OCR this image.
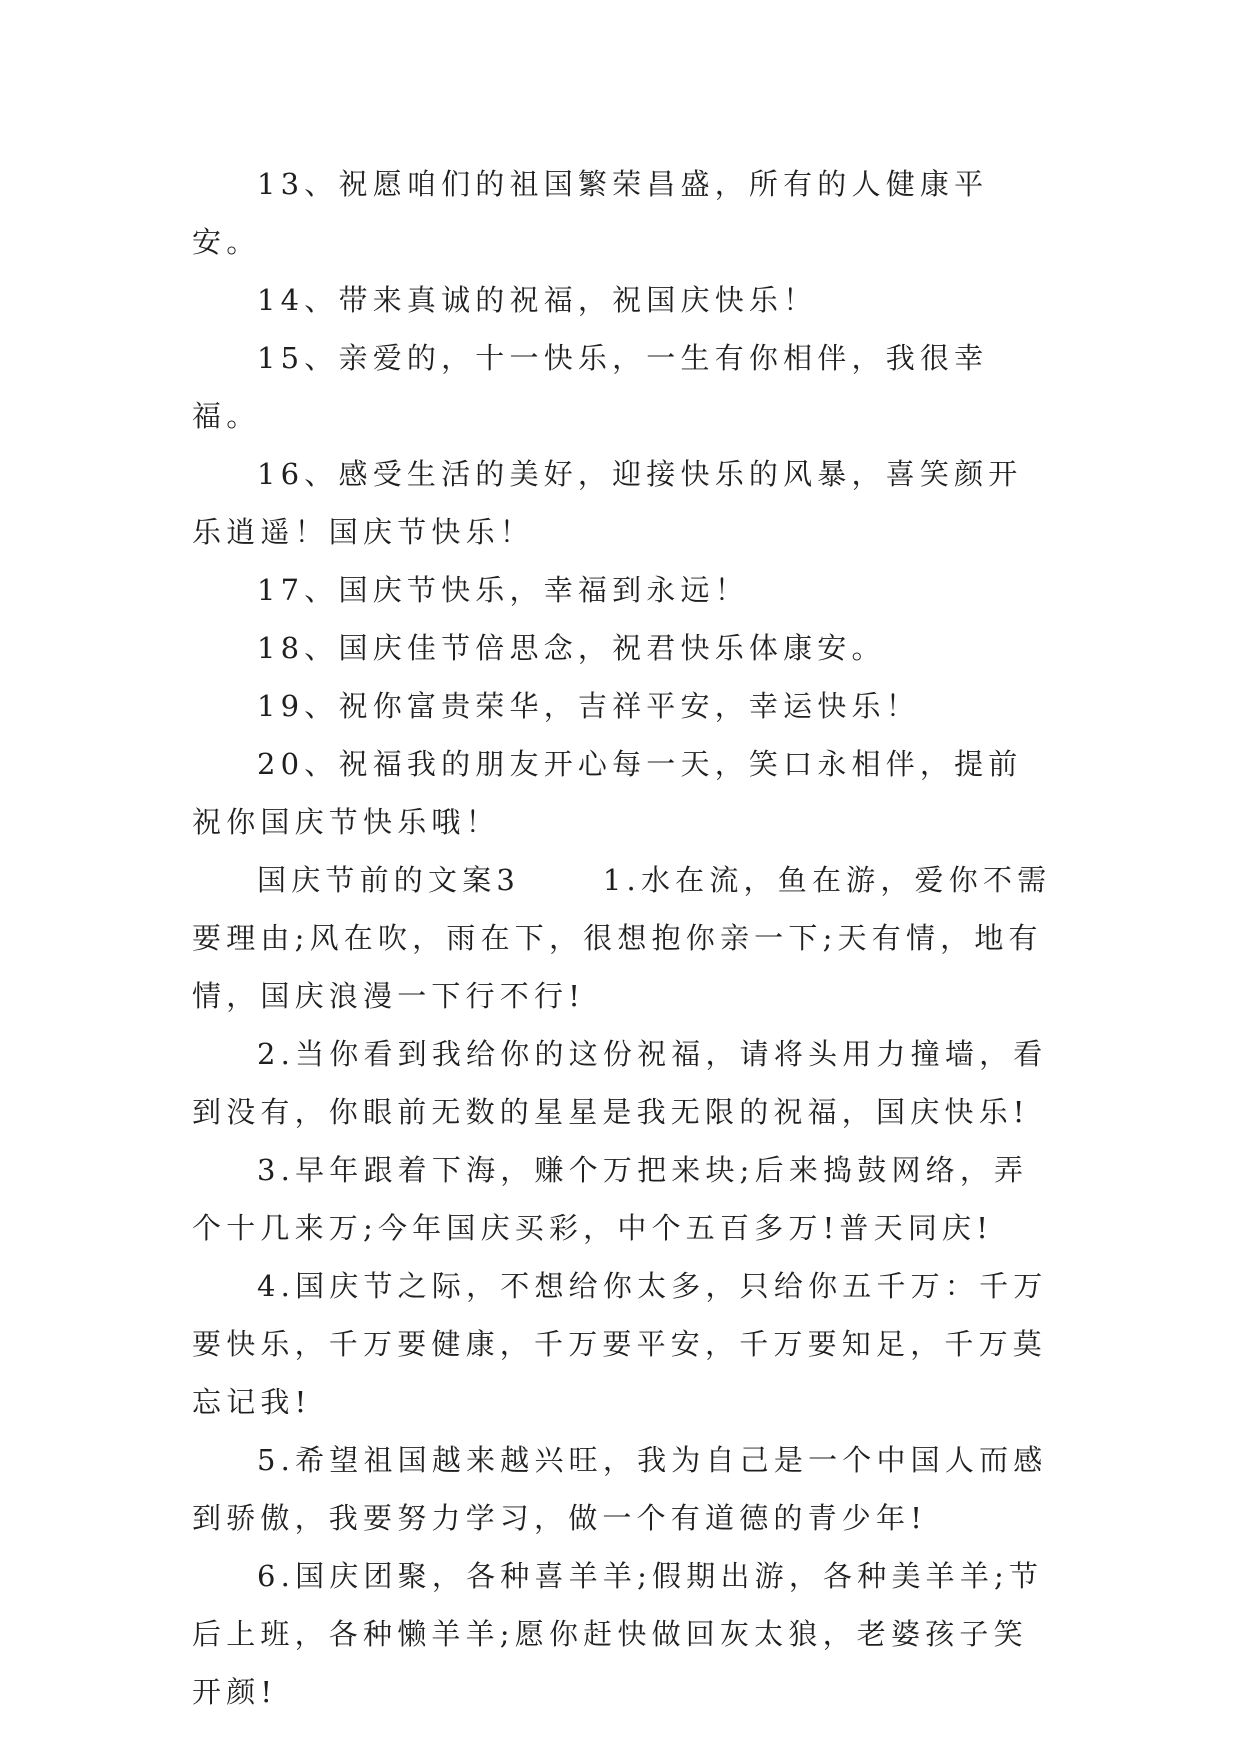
13、祝愿咱们的祖国繁荣昌盛，所有的人健康平安。

14、带来真诚的祝福，祝国庆快乐！

15、亲爱的，十一快乐，一生有你相伴，我很幸福。

16、感受生活的美好，迎接快乐的风暴，喜笑颜开乐逍遥！国庆节快乐！

17、国庆节快乐，幸福到永远！

18、国庆佳节倍思念，祝君快乐体康安。

19、祝你富贵荣华，吉祥平安，幸运快乐！

20、祝福我的朋友开心每一天，笑口永相伴，提前祝你国庆节快乐哦！

国庆节前的文案3 　　1.水在流，鱼在游，爱你不需要理由;风在吹，雨在下，很想抱你亲一下;天有情，地有情，国庆浪漫一下行不行!

2.当你看到我给你的这份祝福，请将头用力撞墙，看到没有，你眼前无数的星星是我无限的祝福，国庆快乐!

3.早年跟着下海，赚个万把来块;后来捣鼓网络，弄个十几来万;今年国庆买彩，中个五百多万!普天同庆!

4.国庆节之际，不想给你太多，只给你五千万：千万要快乐，千万要健康，千万要平安，千万要知足，千万莫忘记我!

5.希望祖国越来越兴旺，我为自己是一个中国人而感到骄傲，我要努力学习，做一个有道德的青少年!

6.国庆团聚，各种喜羊羊;假期出游，各种美羊羊;节后上班，各种懒羊羊;愿你赶快做回灰太狼，老婆孩子笑开颜!
